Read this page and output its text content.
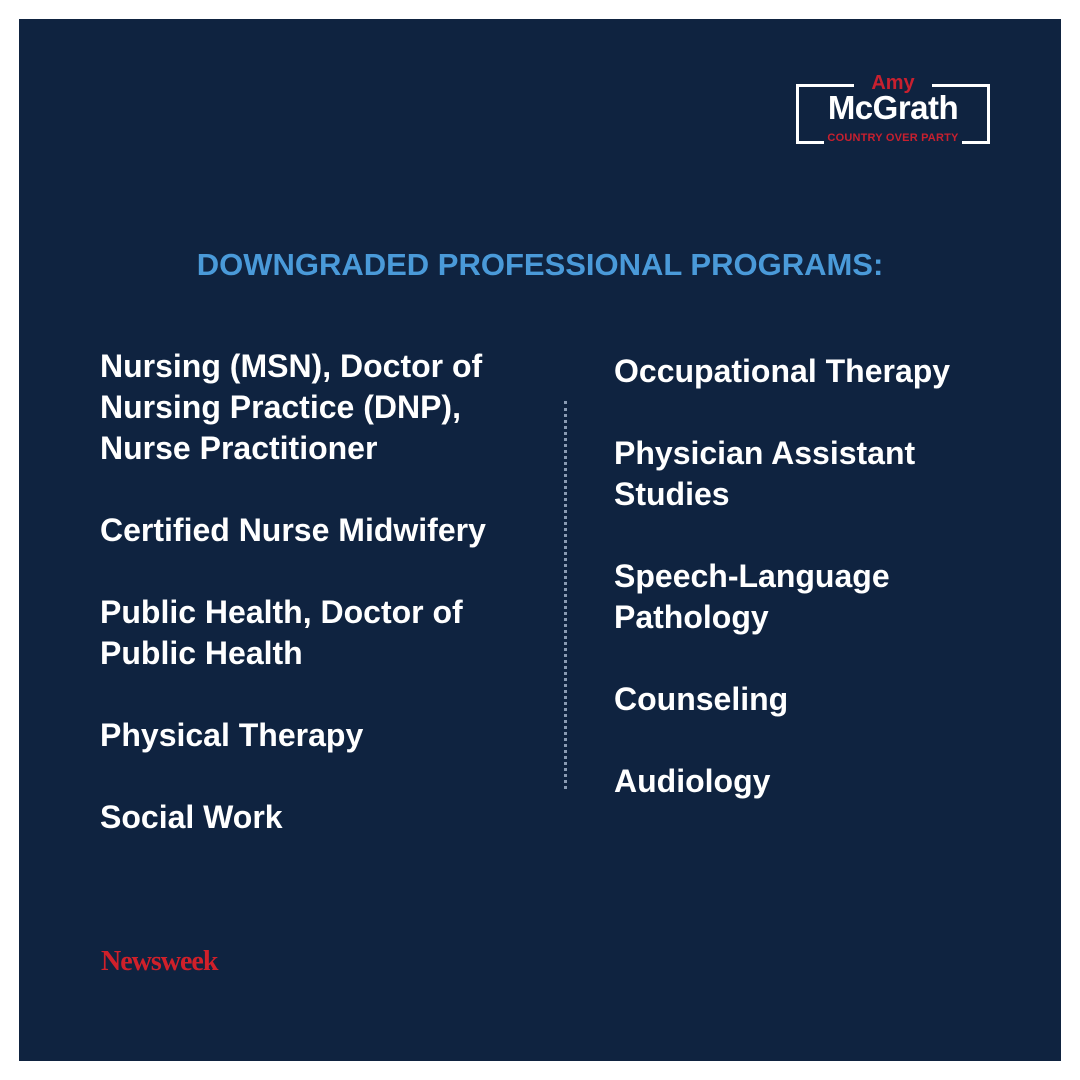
Amy
McGrath
COUNTRY OVER PARTY
DOWNGRADED PROFESSIONAL PROGRAMS:
Nursing (MSN), Doctor of
Nursing Practice (DNP),
Nurse Practitioner
Certified Nurse Midwifery
Public Health, Doctor of
Public Health
Physical Therapy
Social Work
Occupational Therapy
Physician Assistant
Studies
Speech-Language
Pathology
Counseling
Audiology
Newsweek
